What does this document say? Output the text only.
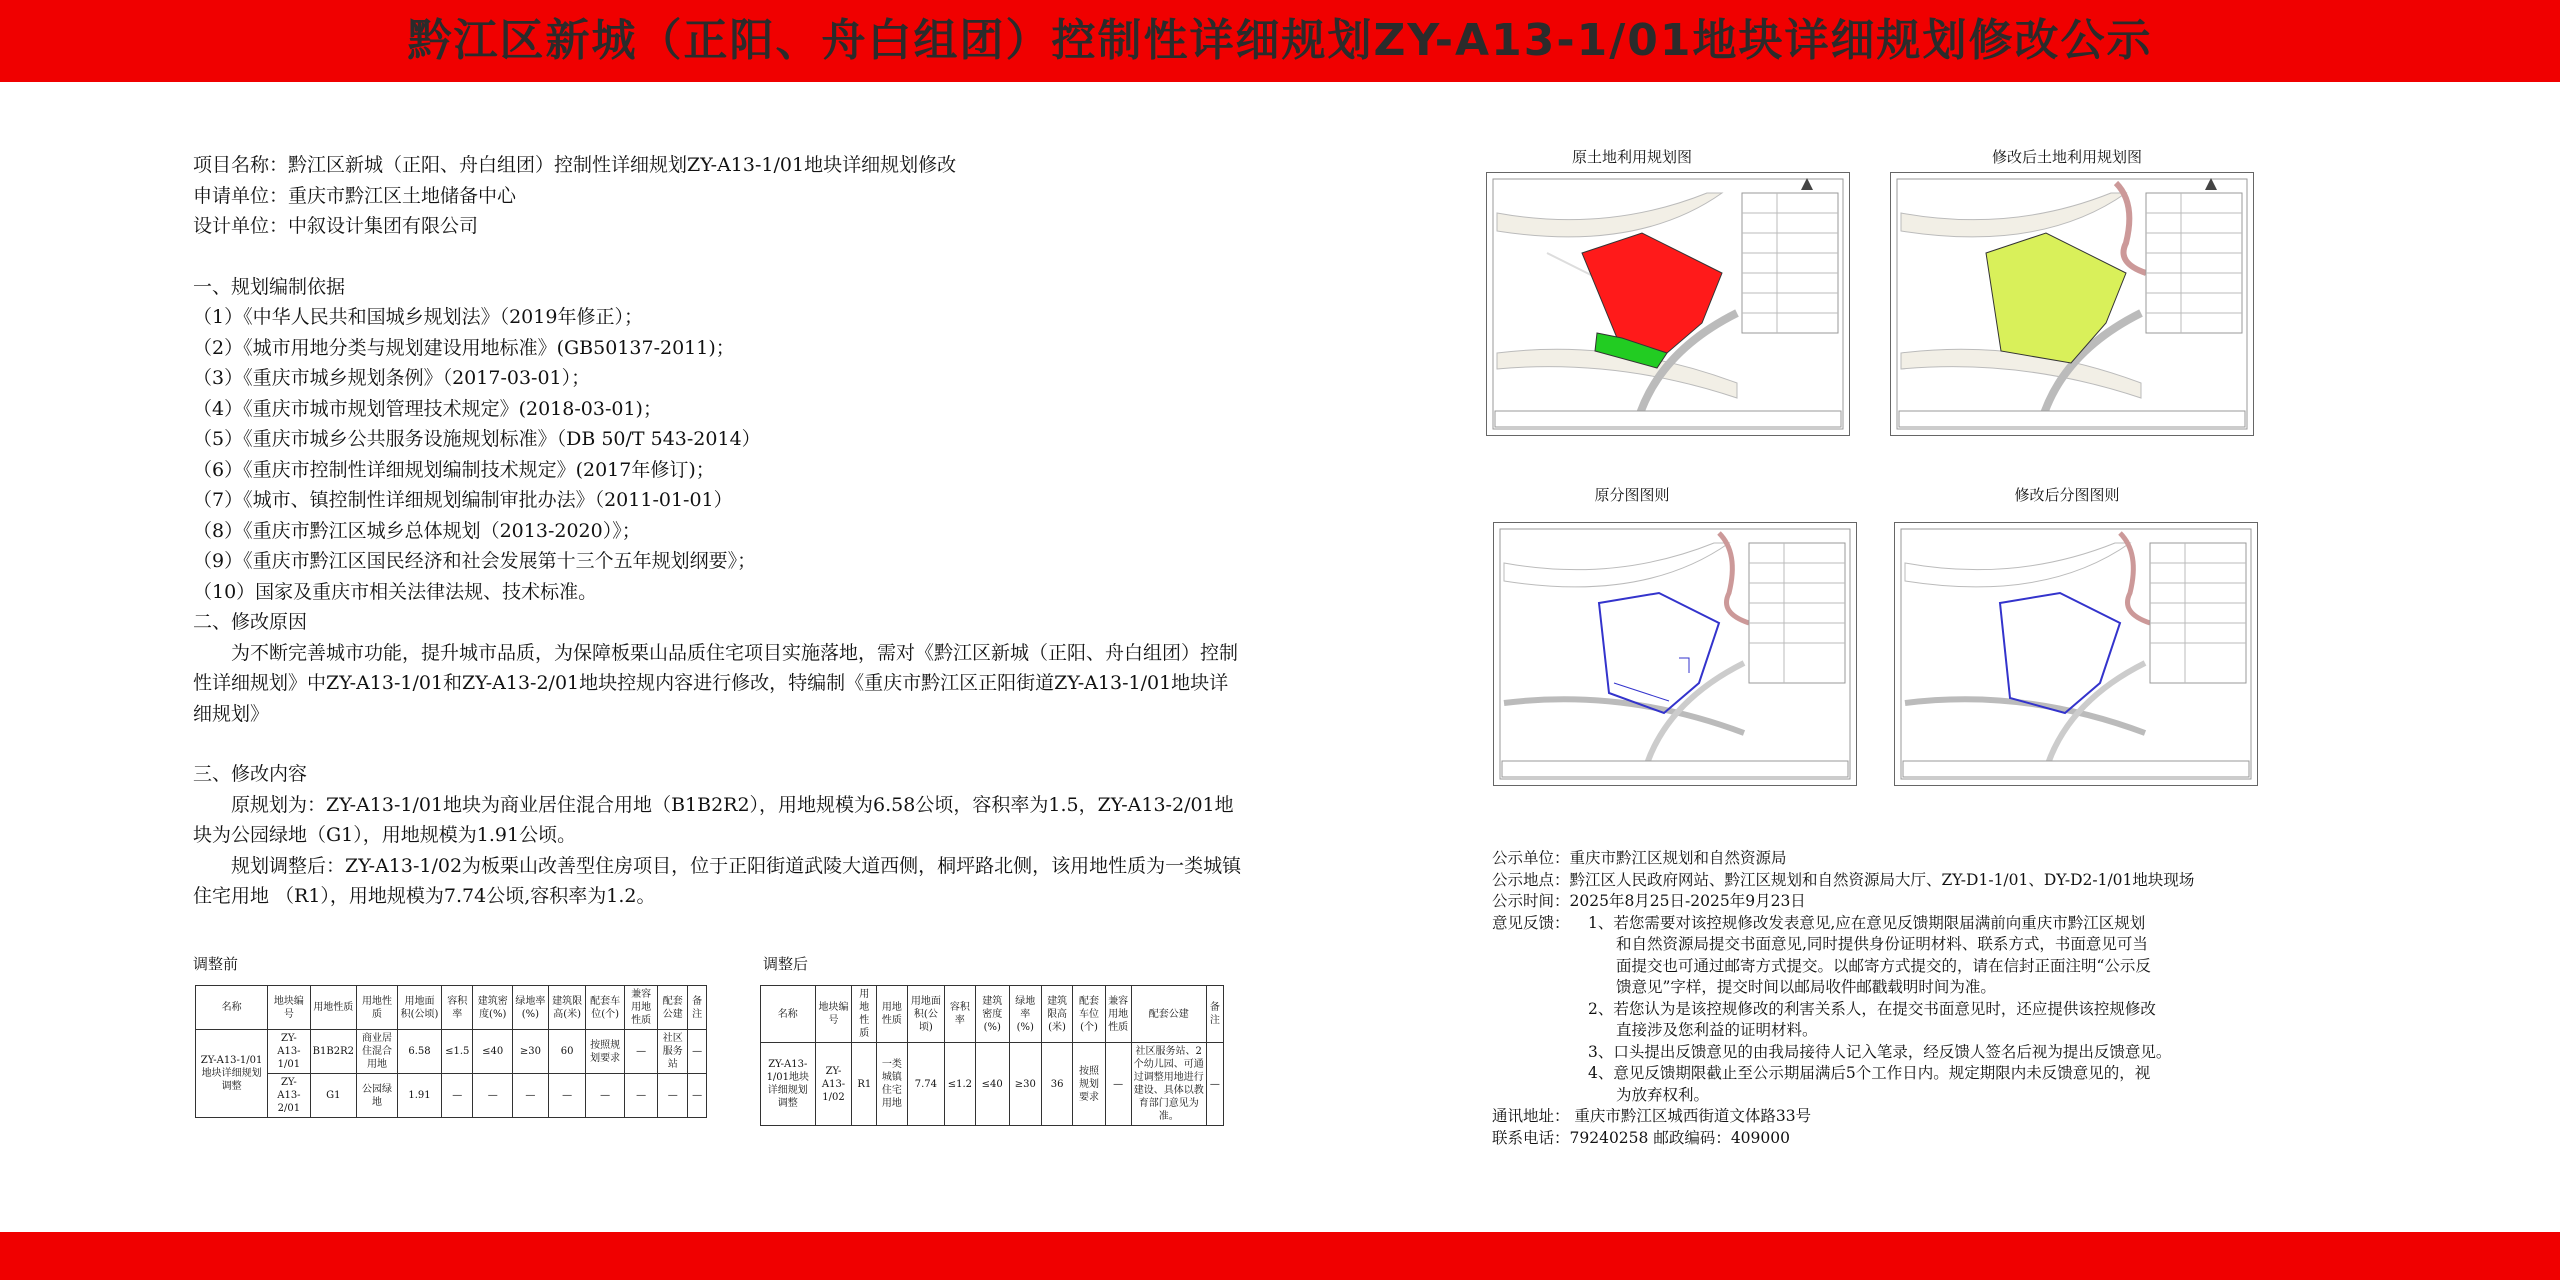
黔江区新城（正阳、舟白组团）控制性详细规划ZY-A13-1/01地块详细规划修改公示

项目名称：黔江区新城（正阳、舟白组团）控制性详细规划ZY-A13-1/01地块详细规划修改

申请单位：重庆市黔江区土地储备中心

设计单位：中叙设计集团有限公司

一、规划编制依据

（1）《中华人民共和国城乡规划法》（2019年修正）；

（2）《城市用地分类与规划建设用地标准》(GB50137-2011)；

（3）《重庆市城乡规划条例》（2017-03-01）；

（4）《重庆市城市规划管理技术规定》(2018-03-01)；

（5）《重庆市城乡公共服务设施规划标准》（DB 50/T 543-2014）

（6）《重庆市控制性详细规划编制技术规定》(2017年修订)；

（7）《城市、镇控制性详细规划编制审批办法》（2011-01-01）

（8）《重庆市黔江区城乡总体规划（2013-2020）》；

（9）《重庆市黔江区国民经济和社会发展第十三个五年规划纲要》；

（10）国家及重庆市相关法律法规、技术标准。

二、修改原因

为不断完善城市功能，提升城市品质，为保障板栗山品质住宅项目实施落地，需对《黔江区新城（正阳、舟白组团）控制性详细规划》中ZY-A13-1/01和ZY-A13-2/01地块控规内容进行修改，特编制《重庆市黔江区正阳街道ZY-A13-1/01地块详细规划》

三、修改内容

原规划为：ZY-A13-1/01地块为商业居住混合用地（B1B2R2），用地规模为6.58公顷，容积率为1.5，ZY-A13-2/01地块为公园绿地（G1），用地规模为1.91公顷。

规划调整后：ZY-A13-1/02为板栗山改善型住房项目，位于正阳街道武陵大道西侧，桐坪路北侧，该用地性质为一类城镇住宅用地 （R1），用地规模为7.74公顷,容积率为1.2。

调整前
名称	地块编号	用地性质	用地性质	用地面积(公顷)	容积率	建筑密度(%)	绿地率(%)	建筑限高(米)	配套车位(个)	兼容用地性质	配套公建	备注
ZY-A13-1/01地块详细规划调整	ZY-A13-1/01	B1B2R2	商业居住混合用地	6.58	≤1.5	≤40	≥30	60	按照规划要求	—	社区服务站	—
	ZY-A13-2/01	G1	公园绿地	1.91	—	—	—	—	—	—	—	—
调整后
名称	地块编号	用地性质	用地性质	用地面积(公顷)	容积率	建筑密度(%)	绿地率(%)	建筑限高(米)	配套车位(个)	兼容用地性质	配套公建	备注
ZY-A13-1/01地块详细规划调整	ZY-A13-1/02	R1	一类城镇住宅用地	7.74	≤1.2	≤40	≥30	36	按照规划要求	—	社区服务站、2个幼儿园、可通过调整用地进行建设、具体以教育部门意见为准。	—
原土地利用规划图	修改后土地利用规划图
原分图图则	修改后分图图则

公示单位：重庆市黔江区规划和自然资源局

公示地点：黔江区人民政府网站、黔江区规划和自然资源局大厅、ZY-D1-1/01、DY-D2-1/01地块现场

公示时间：2025年8月25日-2025年9月23日

意见反馈：	1、若您需要对该控规修改发表意见,应在意见反馈期限届满前向重庆市黔江区规划

和自然资源局提交书面意见,同时提供身份证明材料、联系方式，书面意见可当

面提交也可通过邮寄方式提交。以邮寄方式提交的，请在信封正面注明“公示反

馈意见”字样，提交时间以邮局收件邮戳载明时间为准。

2、若您认为是该控规修改的利害关系人，在提交书面意见时，还应提供该控规修改

直接涉及您利益的证明材料。

3、口头提出反馈意见的由我局接待人记入笔录，经反馈人签名后视为提出反馈意见。

4、意见反馈期限截止至公示期届满后5个工作日内。规定期限内未反馈意见的，视

为放弃权利。

通讯地址： 重庆市黔江区城西街道文体路33号

联系电话：79240258 邮政编码：409000
